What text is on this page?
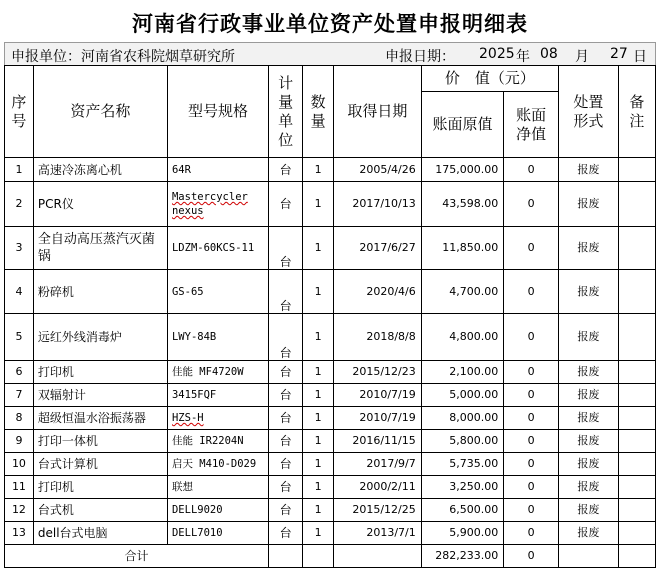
河南省行政事业单位资产处置申报明细表
申报单位：河南省农科院烟草研究所	申报日期： 2025 年 08 月 27 日
序号	资产名称	型号规格	计量单位	数量	取得日期	价　值（元）		处置形式	备注
						账面原值	账面净值		
1	高速冷冻离心机	64R	台	1	2005/4/26	175,000.00	0	报废	
2	PCR仪	Mastercycler nexus	台	1	2017/10/13	43,598.00	0	报废	
3	全自动高压蒸汽灭菌锅	LDZM-60KCS-11	台	1	2017/6/27	11,850.00	0	报废	
4	粉碎机	GS-65	台	1	2020/4/6	4,700.00	0	报废	
5	远红外线消毒炉	LWY-84B	台	1	2018/8/8	4,800.00	0	报废	
6	打印机	佳能 MF4720W	台	1	2015/12/23	2,100.00	0	报废	
7	双辐射计	3415FQF	台	1	2010/7/19	5,000.00	0	报废	
8	超级恒温水浴振荡器	HZS-H	台	1	2010/7/19	8,000.00	0	报废	
9	打印一体机	佳能 IR2204N	台	1	2016/11/15	5,800.00	0	报废	
10	台式计算机	启天 M410-D029	台	1	2017/9/7	5,735.00	0	报废	
11	打印机	联想	台	1	2000/2/11	3,250.00	0	报废	
12	台式机	DELL9020	台	1	2015/12/25	6,500.00	0	报废	
13	dell台式电脑	DELL7010	台	1	2013/7/1	5,900.00	0	报废	
合计						282,233.00	0		
